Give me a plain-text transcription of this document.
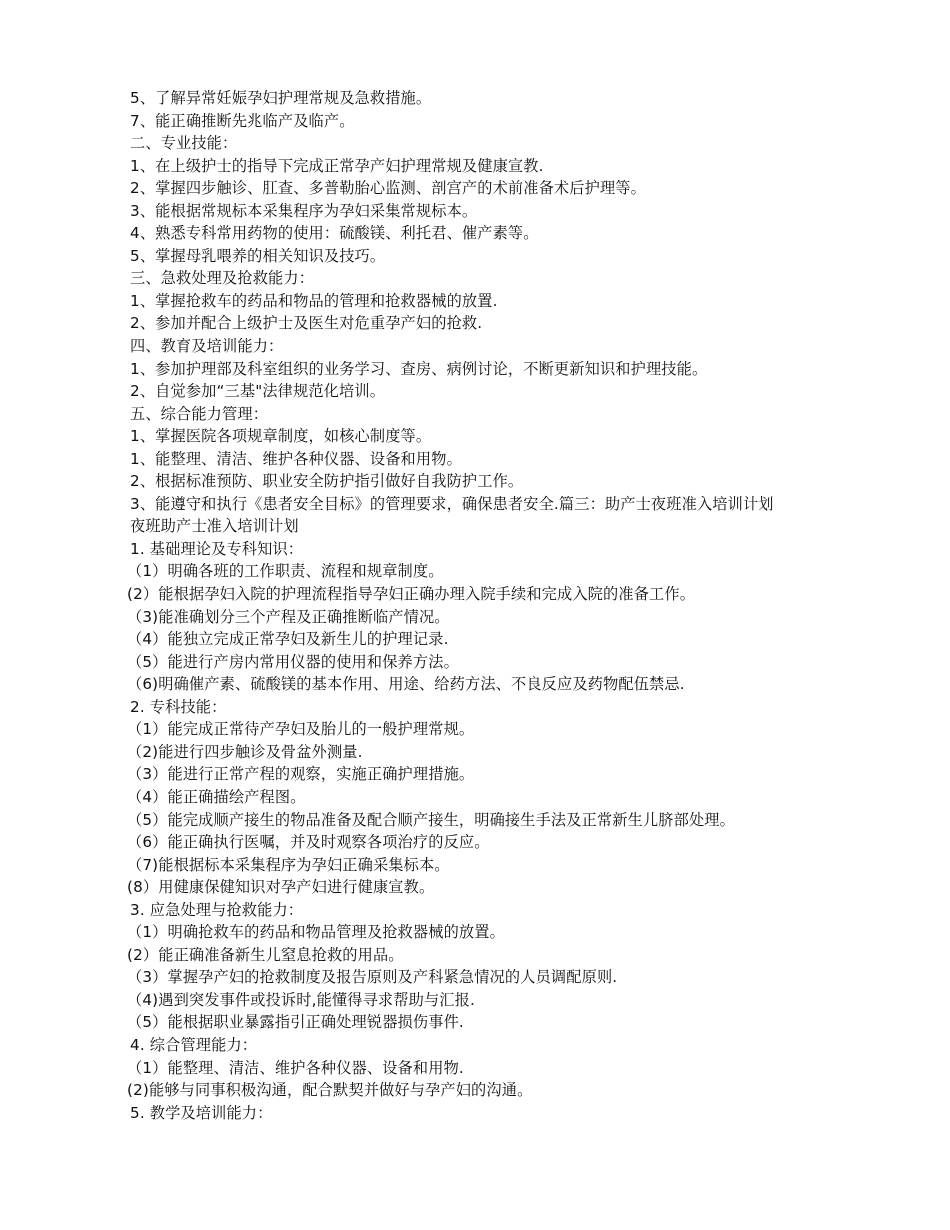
5、了解异常妊娠孕妇护理常规及急救措施。
7、能正确推断先兆临产及临产。
二、专业技能：
1、在上级护士的指导下完成正常孕产妇护理常规及健康宣教.
2、掌握四步触诊、肛查、多普勒胎心监测、剖宫产的术前准备术后护理等。
3、能根据常规标本采集程序为孕妇采集常规标本。
4、熟悉专科常用药物的使用：硫酸镁、利托君、催产素等。
5、掌握母乳喂养的相关知识及技巧。
三、急救处理及抢救能力：
1、掌握抢救车的药品和物品的管理和抢救器械的放置.
2、参加并配合上级护士及医生对危重孕产妇的抢救.
四、教育及培训能力：
1、参加护理部及科室组织的业务学习、查房、病例讨论，不断更新知识和护理技能。
2、自觉参加“三基"法律规范化培训。
五、综合能力管理：
1、掌握医院各项规章制度，如核心制度等。
1、能整理、清洁、维护各种仪器、设备和用物。
2、根据标准预防、职业安全防护指引做好自我防护工作。
3、能遵守和执行《患者安全目标》的管理要求，确保患者安全.篇三：助产士夜班准入培训计划
夜班助产士准入培训计划
1. 基础理论及专科知识：
（1）明确各班的工作职责、流程和规章制度。
(2）能根据孕妇入院的护理流程指导孕妇正确办理入院手续和完成入院的准备工作。
（3)能准确划分三个产程及正确推断临产情况。
（4）能独立完成正常孕妇及新生儿的护理记录.
（5）能进行产房内常用仪器的使用和保养方法。
（6)明确催产素、硫酸镁的基本作用、用途、给药方法、不良反应及药物配伍禁忌.
2. 专科技能：
（1）能完成正常待产孕妇及胎儿的一般护理常规。
（2)能进行四步触诊及骨盆外测量.
（3）能进行正常产程的观察，实施正确护理措施。
（4）能正确描绘产程图。
（5）能完成顺产接生的物品准备及配合顺产接生，明确接生手法及正常新生儿脐部处理。
（6）能正确执行医嘱，并及时观察各项治疗的反应。
（7)能根据标本采集程序为孕妇正确采集标本。
(8）用健康保健知识对孕产妇进行健康宣教。
3. 应急处理与抢救能力：
（1）明确抢救车的药品和物品管理及抢救器械的放置。
(2）能正确准备新生儿窒息抢救的用品。
（3）掌握孕产妇的抢救制度及报告原则及产科紧急情况的人员调配原则.
（4)遇到突发事件或投诉时,能懂得寻求帮助与汇报.
（5）能根据职业暴露指引正确处理锐器损伤事件.
4. 综合管理能力：
（1）能整理、清洁、维护各种仪器、设备和用物.
(2)能够与同事积极沟通，配合默契并做好与孕产妇的沟通。
5. 教学及培训能力：
